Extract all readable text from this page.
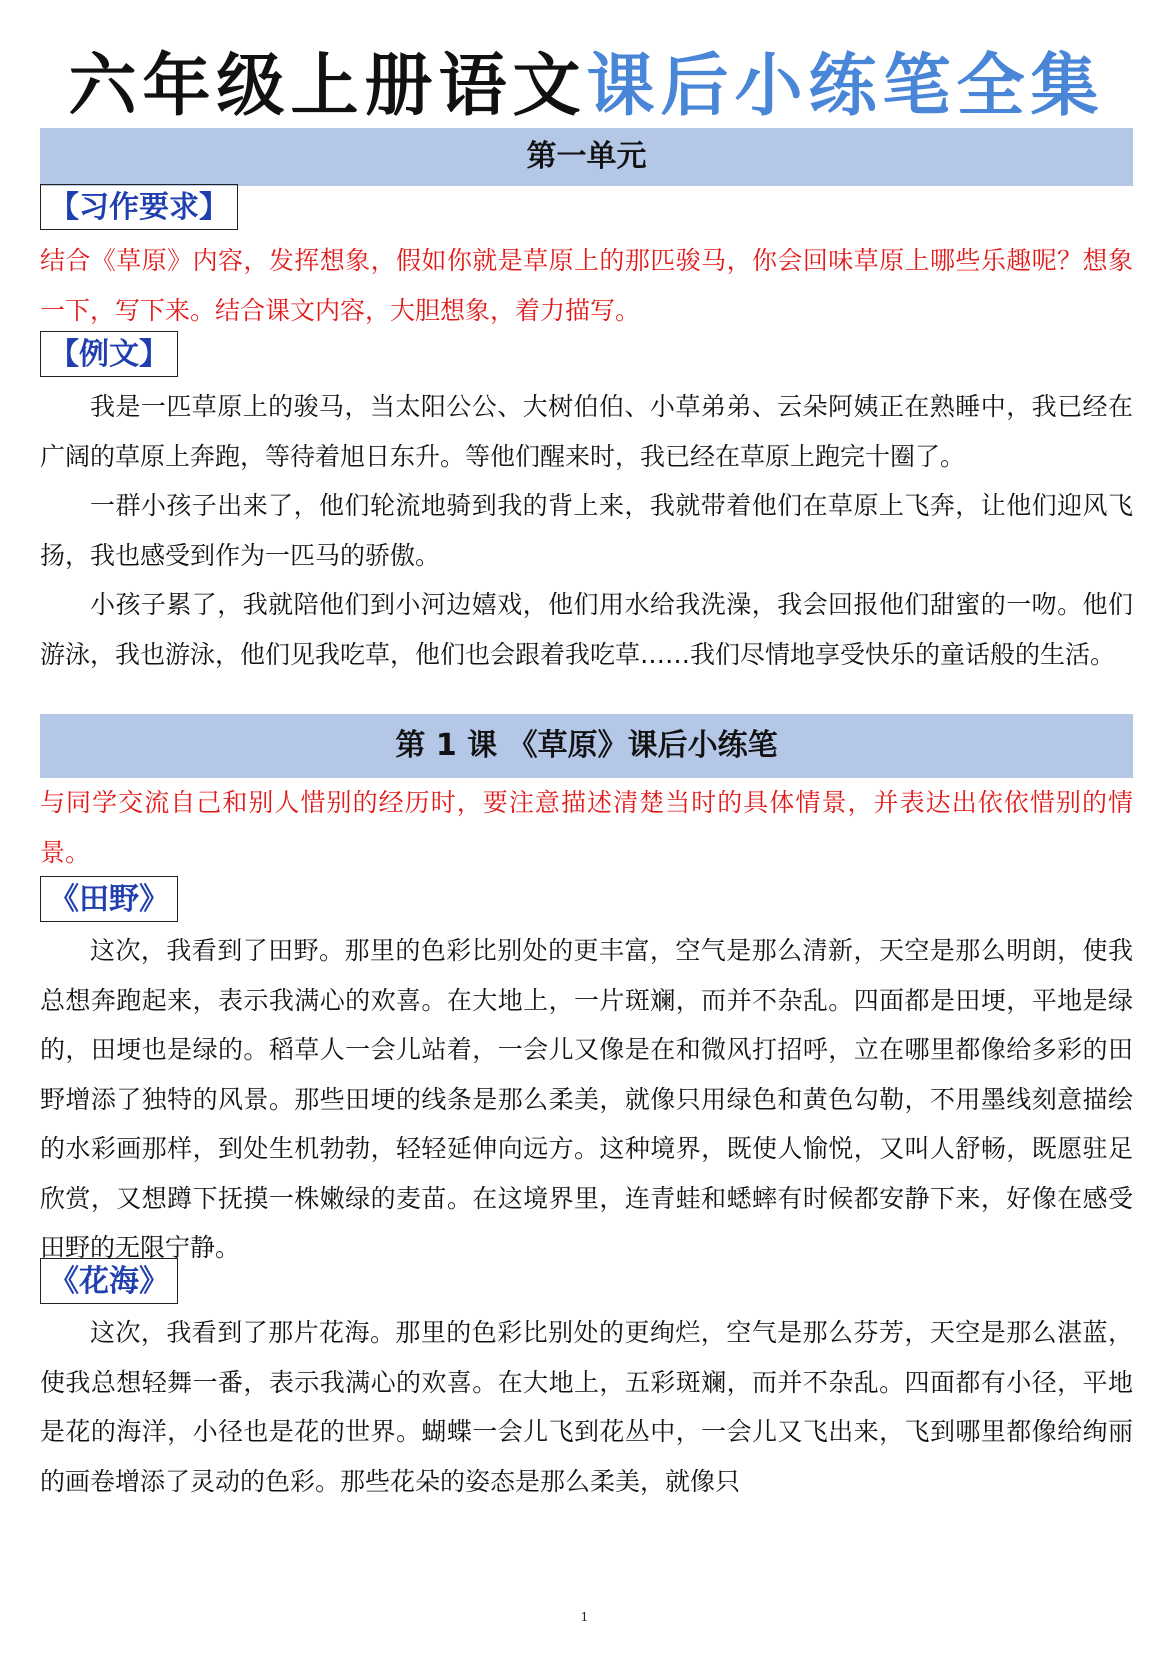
六年级上册语文课后小练笔全集
第一单元
【习作要求】

结合《草原》内容，发挥想象，假如你就是草原上的那匹骏马，你会回味草原上哪些乐趣呢？想象一下，写下来。结合课文内容，大胆想象，着力描写。

【例文】

我是一匹草原上的骏马，当太阳公公、大树伯伯、小草弟弟、云朵阿姨正在熟睡中，我已经在广阔的草原上奔跑，等待着旭日东升。等他们醒来时，我已经在草原上跑完十圈了。

一群小孩子出来了，他们轮流地骑到我的背上来，我就带着他们在草原上飞奔，让他们迎风飞扬，我也感受到作为一匹马的骄傲。

小孩子累了，我就陪他们到小河边嬉戏，他们用水给我洗澡，我会回报他们甜蜜的一吻。他们游泳，我也游泳，他们见我吃草，他们也会跟着我吃草……我们尽情地享受快乐的童话般的生活。

第 1 课 《草原》课后小练笔

与同学交流自己和别人惜别的经历时，要注意描述清楚当时的具体情景，并表达出依依惜别的情景。

《田野》

这次，我看到了田野。那里的色彩比别处的更丰富，空气是那么清新，天空是那么明朗，使我总想奔跑起来，表示我满心的欢喜。在大地上，一片斑斓，而并不杂乱。四面都是田埂，平地是绿的，田埂也是绿的。稻草人一会儿站着，一会儿又像是在和微风打招呼，立在哪里都像给多彩的田野增添了独特的风景。那些田埂的线条是那么柔美，就像只用绿色和黄色勾勒，不用墨线刻意描绘的水彩画那样，到处生机勃勃，轻轻延伸向远方。这种境界，既使人愉悦，又叫人舒畅，既愿驻足欣赏，又想蹲下抚摸一株嫩绿的麦苗。在这境界里，连青蛙和蟋蟀有时候都安静下来，好像在感受田野的无限宁静。

《花海》

这次，我看到了那片花海。那里的色彩比别处的更绚烂，空气是那么芬芳，天空是那么湛蓝，使我总想轻舞一番，表示我满心的欢喜。在大地上，五彩斑斓，而并不杂乱。四面都有小径，平地是花的海洋，小径也是花的世界。蝴蝶一会儿飞到花丛中，一会儿又飞出来，飞到哪里都像给绚丽的画卷增添了灵动的色彩。那些花朵的姿态是那么柔美，就像只

1
